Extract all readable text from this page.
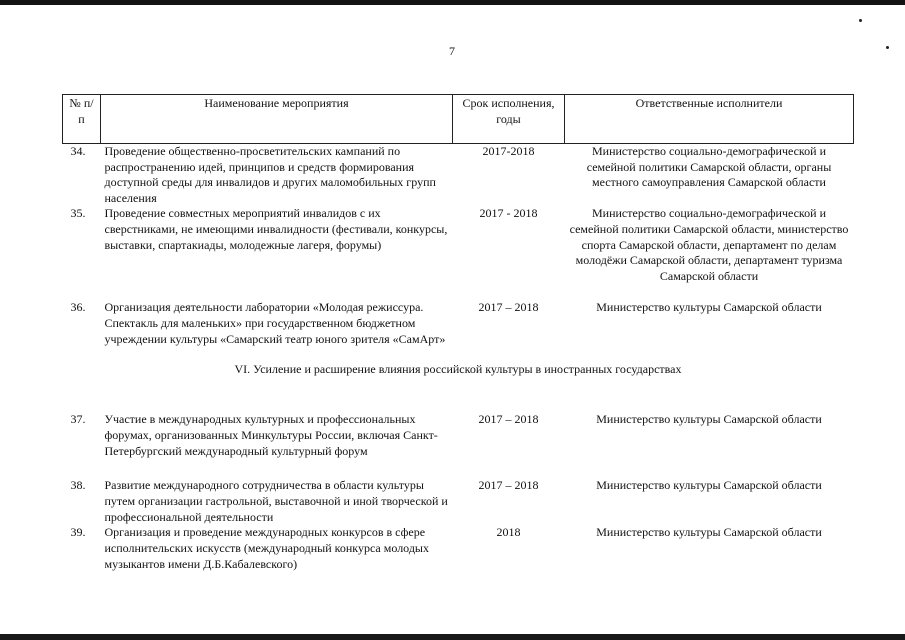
7
№ п/п	Наименование мероприятия	Срок исполнения, годы	Ответственные исполнители
34.	Проведение общественно-просветительских кампаний по распространению идей, принципов и средств формирования доступной среды для инвалидов и других маломобильных групп населения	2017-2018	Министерство социально-демографической и семейной политики Самарской области, органы местного самоуправления Самарской области
35.	Проведение совместных мероприятий инвалидов с их сверстниками, не имеющими инвалидности (фестивали, конкурсы, выставки, спартакиады, молодежные лагеря, форумы)	2017 - 2018	Министерство социально-демографической и семейной политики Самарской области, министерство спорта Самарской области, департамент по делам молодёжи Самарской области, департамент туризма Самарской области
36.	Организация деятельности лаборатории «Молодая режиссура. Спектакль для маленьких» при государственном бюджетном учреждении культуры «Самарский театр юного зрителя «СамАрт»	2017 – 2018	Министерство культуры Самарской области
VI. Усиление и расширение влияния российской культуры в иностранных государствах			
37.	Участие в международных культурных и профессиональных форумах, организованных Минкультуры России, включая Санкт-Петербургский международный культурный форум	2017 – 2018	Министерство культуры Самарской области
38.	Развитие международного сотрудничества в области культуры путем организации гастрольной, выставочной и иной творческой и профессиональной деятельности	2017 – 2018	Министерство культуры Самарской области
39.	Организация и проведение международных конкурсов в сфере исполнительских искусств (международный конкурса молодых музыкантов имени Д.Б.Кабалевского)	2018	Министерство культуры Самарской области
